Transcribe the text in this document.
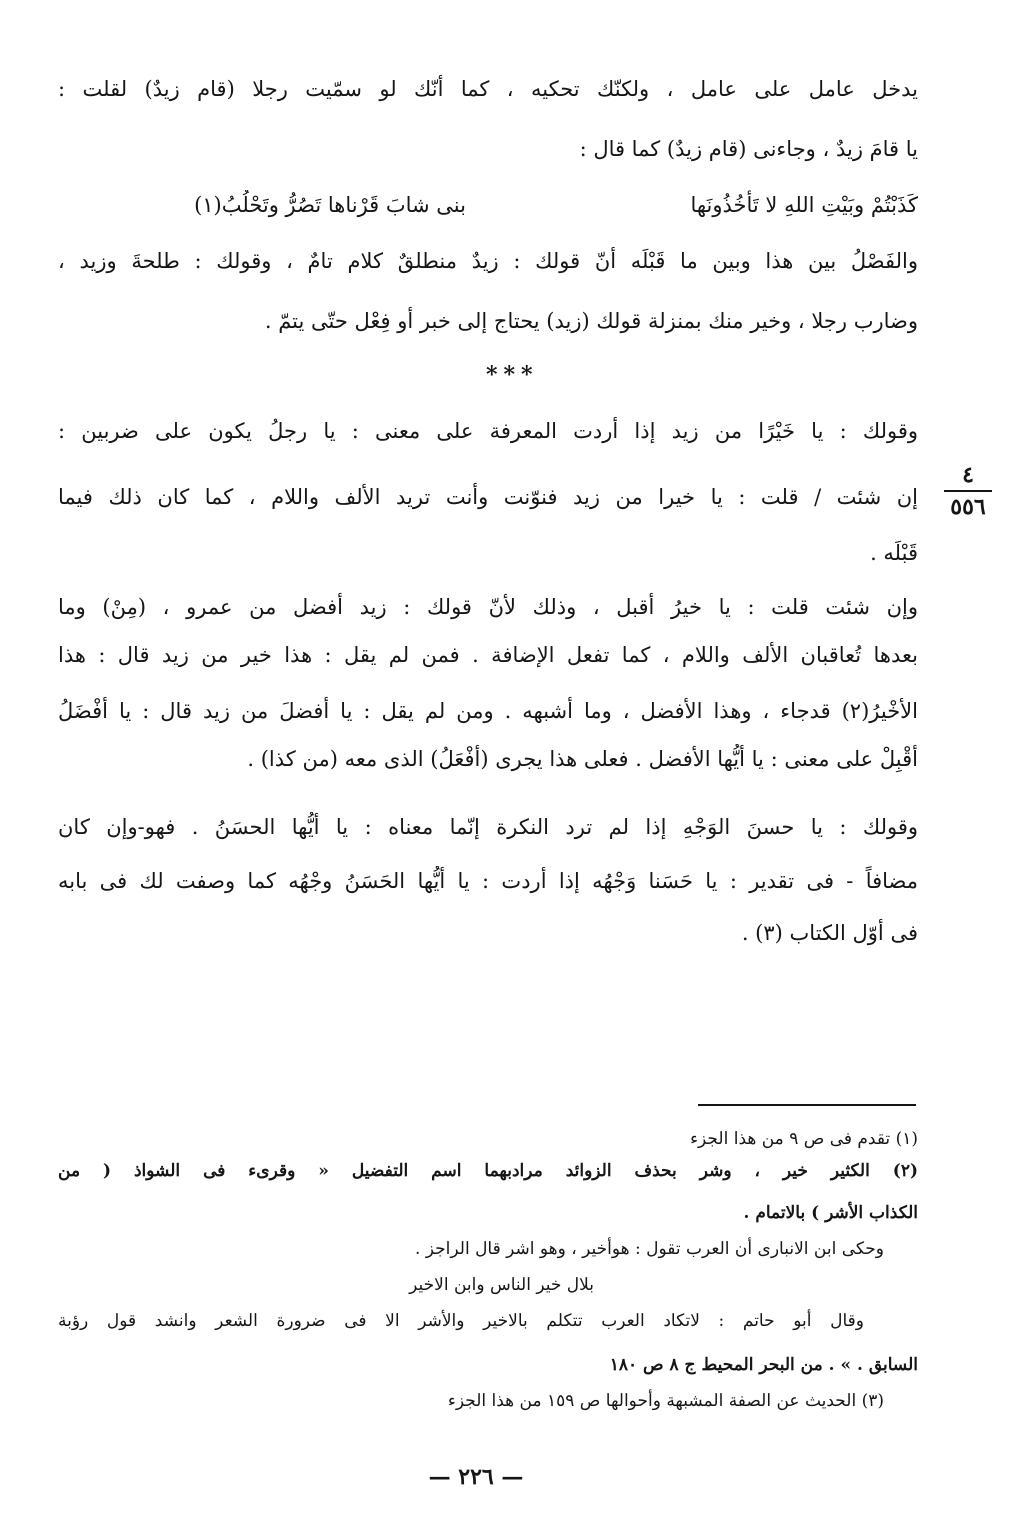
يدخل عامل على عامل ، ولكنّك تحكيه ، كما أنّك لو سمّيت رجلا (قام زيدٌ) لقلت :
يا قامَ زيدٌ ، وجاءنى (قام زيدٌ) كما قال :
كَذَبْتُمْ وبَيْتِ اللهِ لا تَأْخُذُونَها
بنى شابَ قَرْناها تَصُرُّ وتَحْلُبُ(١)
والفَصْلُ بين هذا وبين ما قَبْلَه أنّ قولك : زيدٌ منطلقٌ كلام تامٌ ، وقولك : طلحةَ وزيد ،
وضارب رجلا ، وخير منك بمنزلة قولك (زيد) يحتاج إلى خبر أو فِعْل حتّى يتمّ .
***
وقولك : يا خَيْرًا من زيد إذا أردت المعرفة على معنى : يا رجلُ يكون على ضربين :
إن شئت / قلت : يا خيرا من زيد فنوّنت وأنت تريد الألف واللام ، كما كان ذلك فيما
قَبْلَه .
٤
٥٥٦
وإن شئت قلت : يا خيرُ أقبل ، وذلك لأنّ قولك : زيد أفضل من عمرو ، (مِنْ) وما
بعدها تُعاقبان الألف واللام ، كما تفعل الإضافة . فمن لم يقل : هذا خير من زيد قال : هذا
الأخْيرُ(٢) قدجاء ، وهذا الأفضل ، وما أشبهه . ومن لم يقل : يا أفضلَ من زيد قال : يا أفْضَلُ
أقْبِلْ على معنى : يا أيُّها الأفضل . فعلى هذا يجرى (أفْعَلُ) الذى معه (من كذا) .
وقولك : يا حسنَ الوَجْهِ إذا لم ترد النكرة إنّما معناه : يا أيُّها الحسَنُ . فهو-وإن كان
مضافاً - فى تقدير : يا حَسَنا وَجْهُه إذا أردت : يا أيُّها الحَسَنُ وجْهُه كما وصفت لك فى بابه
فى أوّل الكتاب (٣) .
(١) تقدم فى ص ٩ من هذا الجزء
(٢) الكثير خير ، وشر بحذف الزوائد مرادبهما اسم التفضيل « وقرىء فى الشواذ ( من
الكذاب الأشر ) بالاتمام .
وحكى ابن الانبارى أن العرب تقول : هوأخير ، وهو اشر قال الراجز .
بلال خير الناس وابن الاخير
وقال أبو حاتم : لاتكاد العرب تتكلم بالاخير والأشر الا فى ضرورة الشعر وانشد قول رؤبة
السابق . » . من البحر المحيط ج ٨ ص ١٨٠
(٣) الحديث عن الصفة المشبهة وأحوالها ص ١٥٩ من هذا الجزء
— ٢٢٦ —
